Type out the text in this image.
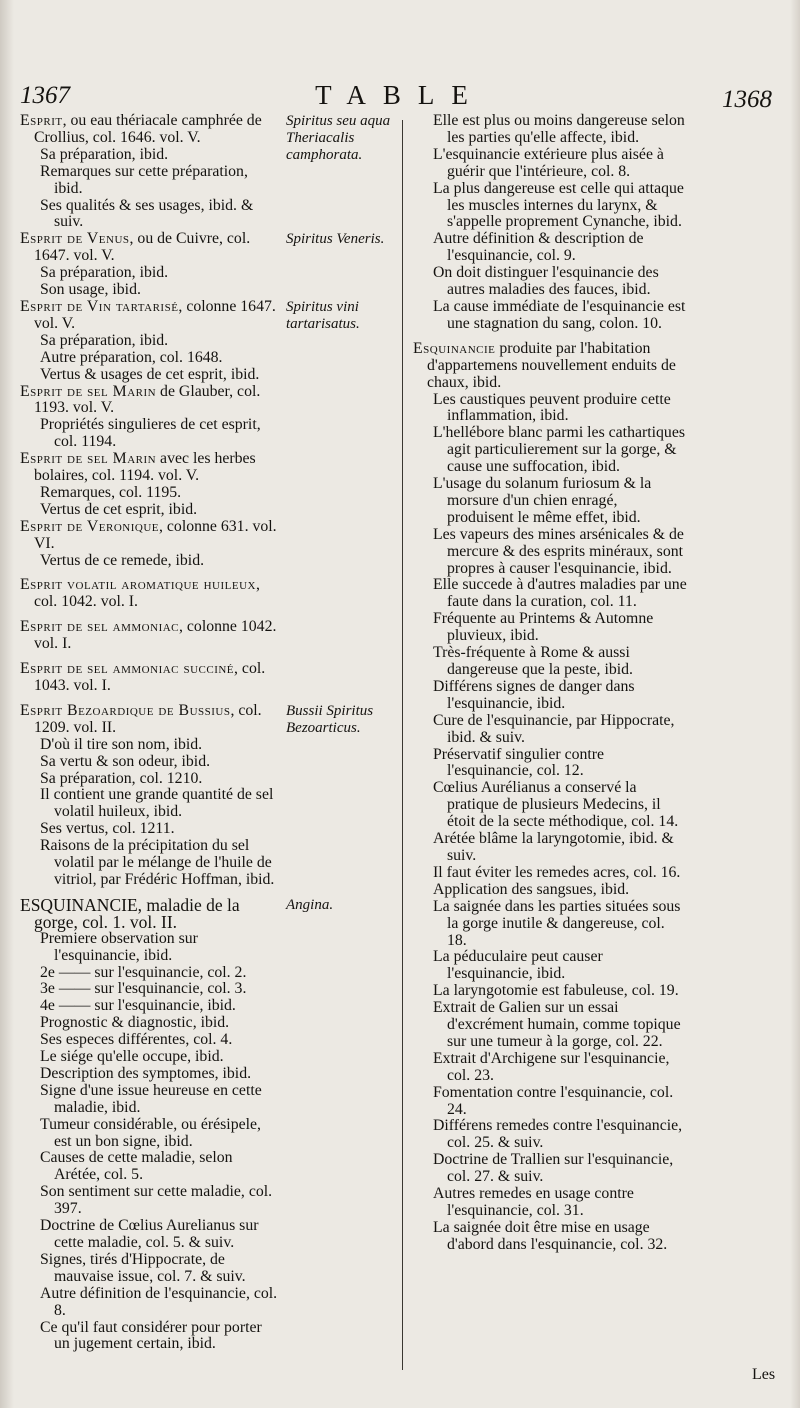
1367	TABLE	1368
Esprit, ou eau thériacale camphrée de Crollius, col. 1646. vol. V.
Sa préparation, ibid.
Remarques sur cette préparation, ibid.
Ses qualités & ses usages, ibid. & suiv.
Esprit de Venus, ou de Cuivre, col. 1647. vol. V.
Sa préparation, ibid.
Son usage, ibid.
Esprit de Vin tartarisé, colonne 1647. vol. V.
Sa préparation, ibid.
Autre préparation, col. 1648.
Vertus & usages de cet esprit, ibid.
Esprit de sel Marin de Glauber, col. 1193. vol. V.
Propriétés singulieres de cet esprit, col. 1194.
Esprit de sel Marin avec les herbes bolaires, col. 1194. vol. V.
Remarques, col. 1195.
Vertus de cet esprit, ibid.
Esprit de Veronique, colonne 631. vol. VI.
Vertus de ce remede, ibid.
Esprit volatil aromatique huileux, col. 1042. vol. I.
Esprit de sel ammoniac, colonne 1042. vol. I.
Esprit de sel ammoniac succiné, col. 1043. vol. I.
Esprit Bezoardique de Bussius, col. 1209. vol. II.
D'où il tire son nom, ibid.
Sa vertu & son odeur, ibid.
Sa préparation, col. 1210.
Il contient une grande quantité de sel volatil huileux, ibid.
Ses vertus, col. 1211.
Raisons de la précipitation du sel volatil par le mélange de l'huile de vitriol, par Frédéric Hoffman, ibid.
ESQUINANCIE, maladie de la gorge, col. 1. vol. II.
Premiere observation sur l'esquinancie, ibid.
2e —— sur l'esquinancie, col. 2.
3e —— sur l'esquinancie, col. 3.
4e —— sur l'esquinancie, ibid.
Prognostic & diagnostic, ibid.
Ses especes différentes, col. 4.
Le siége qu'elle occupe, ibid.
Description des symptomes, ibid.
Signe d'une issue heureuse en cette maladie, ibid.
Tumeur considérable, ou érésipele, est un bon signe, ibid.
Causes de cette maladie, selon Arétée, col. 5.
Son sentiment sur cette maladie, col. 397.
Doctrine de Cœlius Aurelianus sur cette maladie, col. 5. & suiv.
Signes, tirés d'Hippocrate, de mauvaise issue, col. 7. & suiv.
Autre définition de l'esquinancie, col. 8.
Ce qu'il faut considérer pour porter un jugement certain, ibid.
Spiritus seu aqua Theriacalis camphorata.
Spiritus Veneris.
Spiritus vini tartarisatus.
Bussii Spiritus Bezoarticus.
Angina.
Elle est plus ou moins dangereuse selon les parties qu'elle affecte, ibid.
L'esquinancie extérieure plus aisée à guérir que l'intérieure, col. 8.
La plus dangereuse est celle qui attaque les muscles internes du larynx, & s'appelle proprement Cynanche, ibid.
Autre définition & description de l'esquinancie, col. 9.
On doit distinguer l'esquinancie des autres maladies des fauces, ibid.
La cause immédiate de l'esquinancie est une stagnation du sang, colon. 10.
Esquinancie produite par l'habitation d'appartemens nouvellement enduits de chaux, ibid.
Les caustiques peuvent produire cette inflammation, ibid.
L'hellébore blanc parmi les cathartiques agit particulierement sur la gorge, & cause une suffocation, ibid.
L'usage du solanum furiosum & la morsure d'un chien enragé, produisent le même effet, ibid.
Les vapeurs des mines arsénicales & de mercure & des esprits minéraux, sont propres à causer l'esquinancie, ibid.
Elle succede à d'autres maladies par une faute dans la curation, col. 11.
Fréquente au Printems & Automne pluvieux, ibid.
Très-fréquente à Rome & aussi dangereuse que la peste, ibid.
Différens signes de danger dans l'esquinancie, ibid.
Cure de l'esquinancie, par Hippocrate, ibid. & suiv.
Préservatif singulier contre l'esquinancie, col. 12.
Cœlius Aurélianus a conservé la pratique de plusieurs Medecins, il étoit de la secte méthodique, col. 14.
Arétée blâme la laryngotomie, ibid. & suiv.
Il faut éviter les remedes acres, col. 16.
Application des sangsues, ibid.
La saignée dans les parties situées sous la gorge inutile & dangereuse, col. 18.
La péduculaire peut causer l'esquinancie, ibid.
La laryngotomie est fabuleuse, col. 19.
Extrait de Galien sur un essai d'excrément humain, comme topique sur une tumeur à la gorge, col. 22.
Extrait d'Archigene sur l'esquinancie, col. 23.
Fomentation contre l'esquinancie, col. 24.
Différens remedes contre l'esquinancie, col. 25. & suiv.
Doctrine de Trallien sur l'esquinancie, col. 27. & suiv.
Autres remedes en usage contre l'esquinancie, col. 31.
La saignée doit être mise en usage d'abord dans l'esquinancie, col. 32.
Les
